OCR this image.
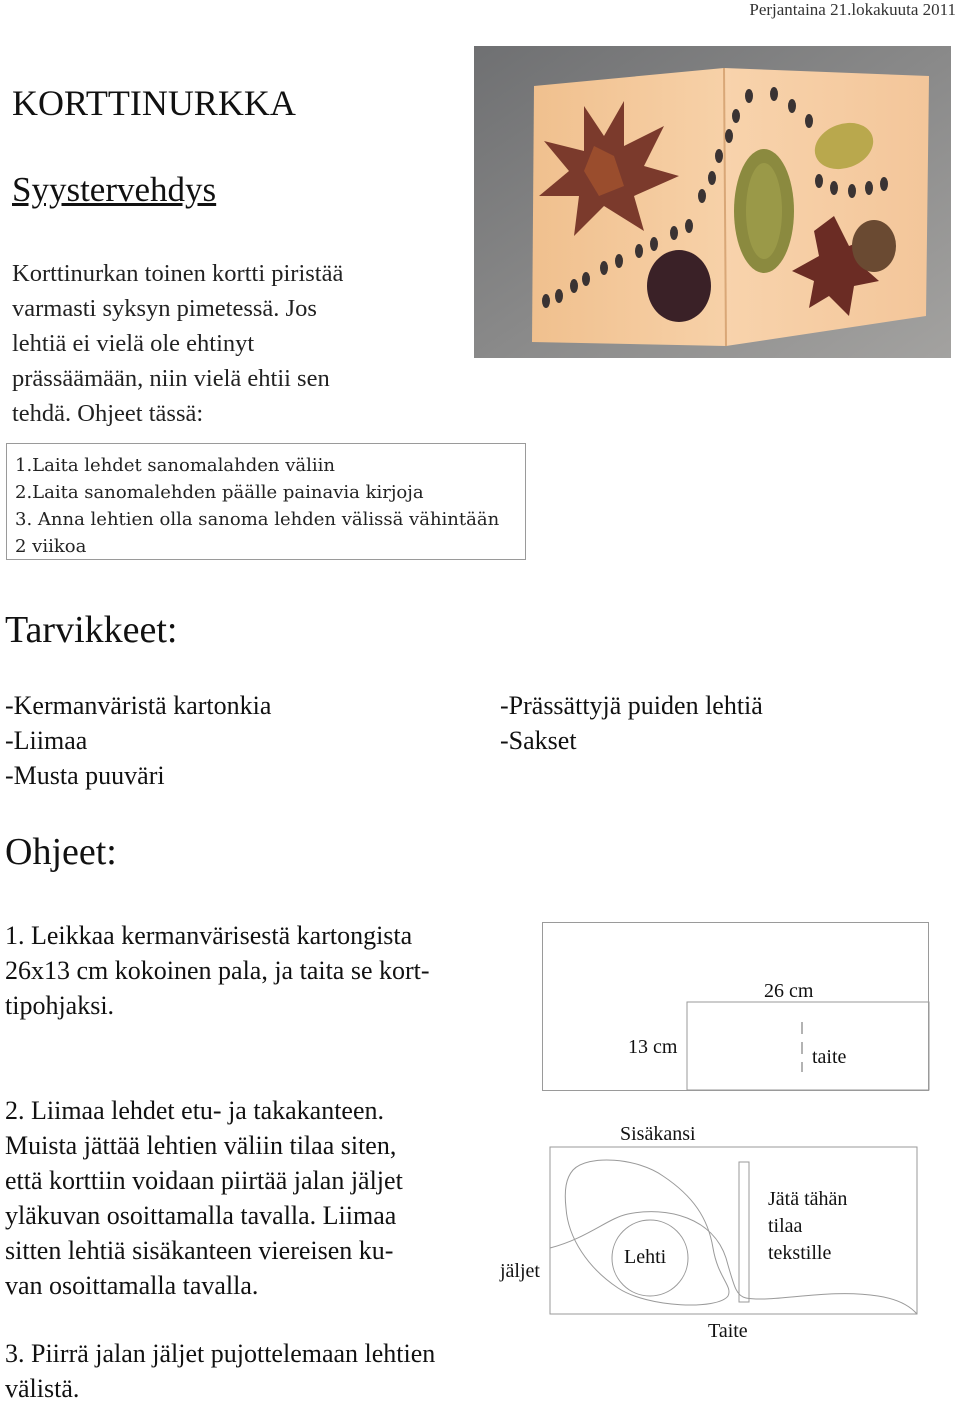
Perjantaina 21.lokakuuta 2011
KORTTINURKKA
Syystervehdys
Korttinurkan toinen kortti piristää
varmasti syksyn pimetessä. Jos
lehtiä ei vielä ole ehtinyt
prässäämään, niin vielä ehtii sen
tehdä. Ohjeet tässä:
1.Laita lehdet sanomalahden väliin
2.Laita sanomalehden päälle painavia kirjoja
3. Anna lehtien olla sanoma lehden välissä vähintään
2 viikoa
Tarvikkeet:
-Kermanväristä kartonkia
-Liimaa
-Musta puuväri
-Prässättyjä puiden lehtiä
-Sakset
Ohjeet:
1. Leikkaa kermanvärisestä kartongista
26x13 cm kokoinen pala, ja taita se kort-
tipohjaksi.
2. Liimaa lehdet etu- ja takakanteen.
Muista jättää lehtien väliin tilaa siten,
että korttiin voidaan piirtää jalan jäljet
yläkuvan osoittamalla tavalla. Liimaa
sitten lehtiä sisäkanteen viereisen ku-
van osoittamalla tavalla.
3. Piirrä jalan jäljet pujottelemaan lehtien
välistä.
26 cm
13 cm	taite
Sisäkansi
Lehti
jäljet
Jätä tähän
tilaa
tekstille
Taite
